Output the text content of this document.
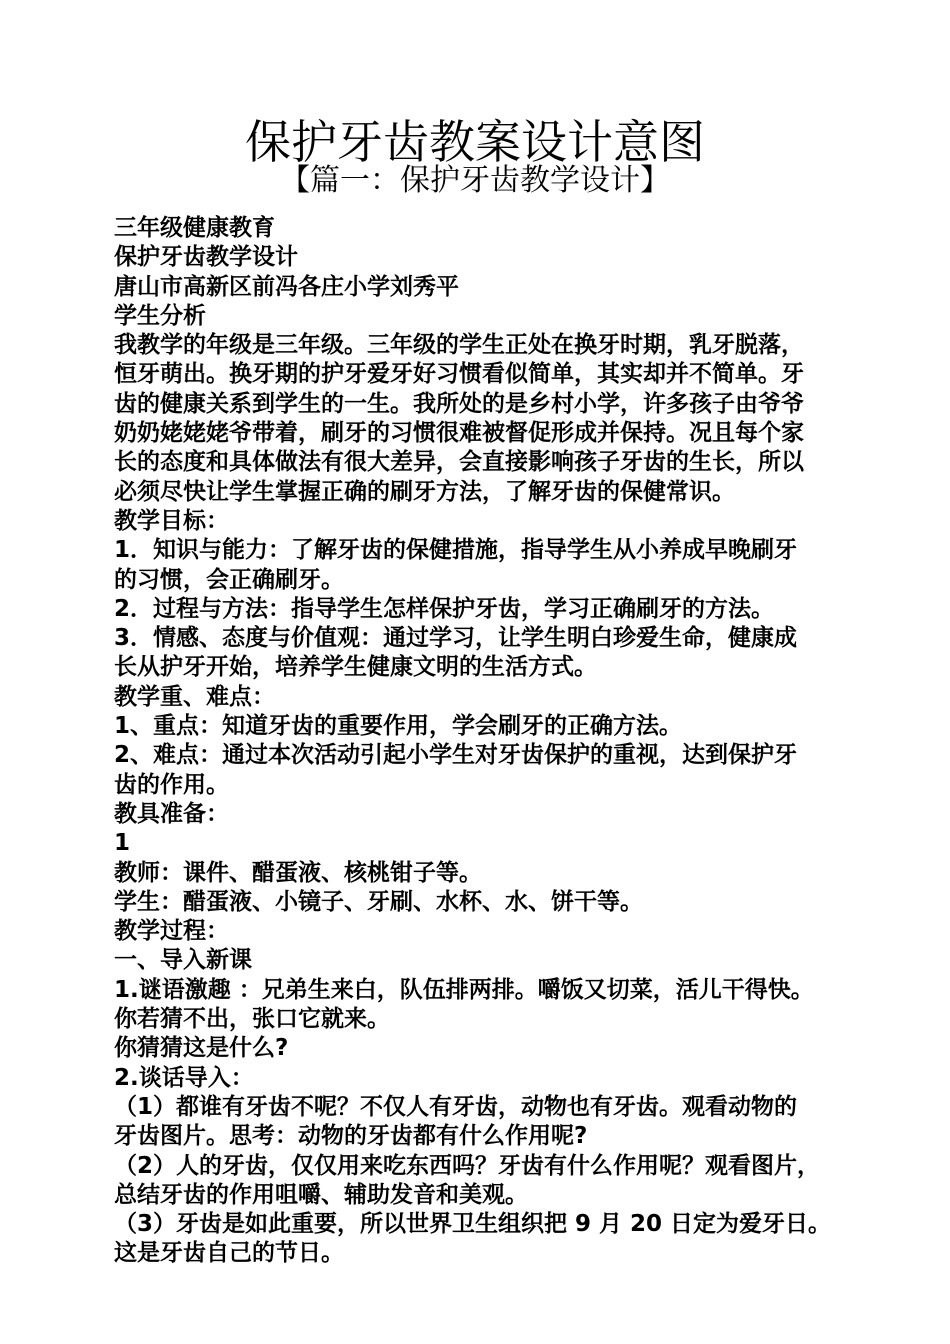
保护牙齿教案设计意图
【篇一：保护牙齿教学设计】

三年级健康教育

保护牙齿教学设计

唐山市高新区前冯各庄小学刘秀平

学生分析

我教学的年级是三年级。三年级的学生正处在换牙时期，乳牙脱落，

恒牙萌出。换牙期的护牙爱牙好习惯看似简单，其实却并不简单。牙

齿的健康关系到学生的一生。我所处的是乡村小学，许多孩子由爷爷

奶奶姥姥姥爷带着，刷牙的习惯很难被督促形成并保持。况且每个家

长的态度和具体做法有很大差异，会直接影响孩子牙齿的生长，所以

必须尽快让学生掌握正确的刷牙方法，了解牙齿的保健常识。

教学目标：

1．知识与能力：了解牙齿的保健措施，指导学生从小养成早晚刷牙

的习惯，会正确刷牙。

2．过程与方法：指导学生怎样保护牙齿，学习正确刷牙的方法。

3．情感、态度与价值观：通过学习，让学生明白珍爱生命，健康成

长从护牙开始，培养学生健康文明的生活方式。

教学重、难点：

1、重点：知道牙齿的重要作用，学会刷牙的正确方法。

2、难点：通过本次活动引起小学生对牙齿保护的重视，达到保护牙

齿的作用。

教具准备：

1

教师：课件、醋蛋液、核桃钳子等。

学生：醋蛋液、小镜子、牙刷、水杯、水、饼干等。

教学过程：

一、导入新课

1.谜语激趣 ：兄弟生来白，队伍排两排。嚼饭又切菜，活儿干得快。

你若猜不出，张口它就来。

你猜猜这是什么?

2.谈话导入：

（1）都谁有牙齿不呢？不仅人有牙齿，动物也有牙齿。观看动物的

牙齿图片。思考：动物的牙齿都有什么作用呢?

（2）人的牙齿，仅仅用来吃东西吗？牙齿有什么作用呢？观看图片，

总结牙齿的作用咀嚼、辅助发音和美观。

（3）牙齿是如此重要，所以世界卫生组织把 9 月 20 日定为爱牙日。

这是牙齿自己的节日。
